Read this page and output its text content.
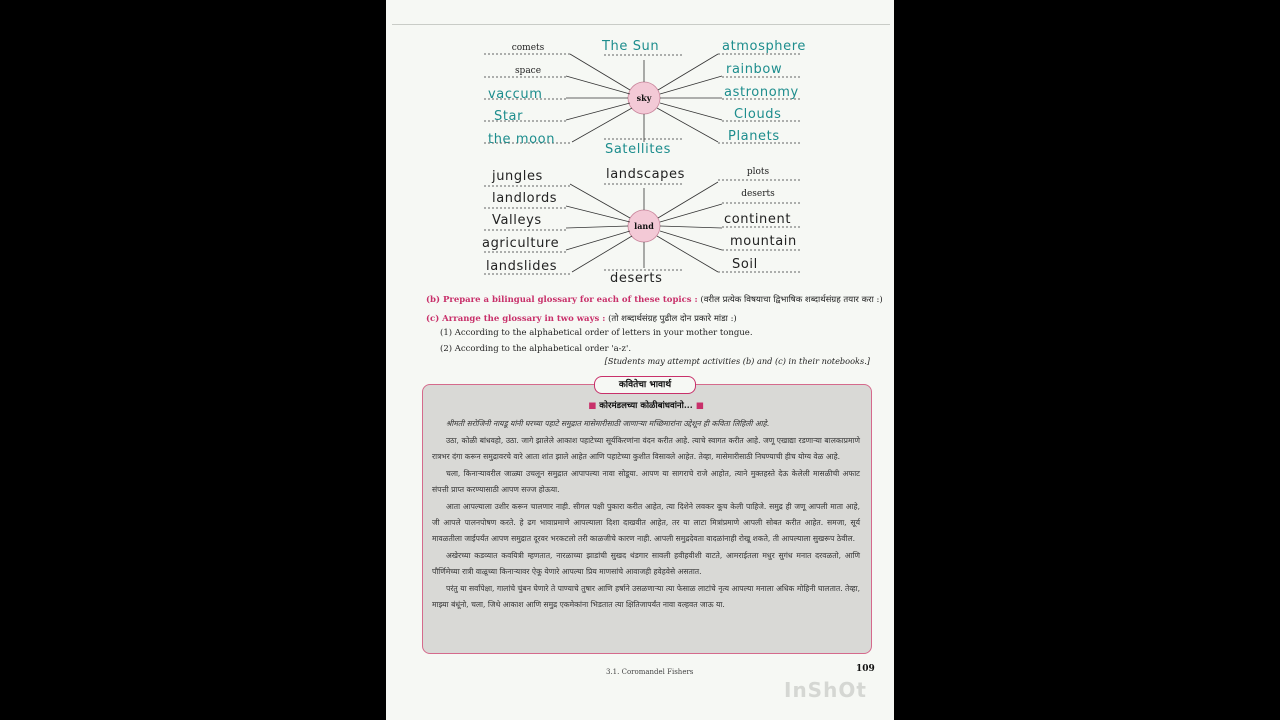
sky
comets
space
The Sun	atmosphere
vaccum
rainbow
Star
astronomy
the moon
Clouds
Planets
Satellites
land
plots
deserts
jungles	landscapes
landlords
Valleys	continent
agriculture	mountain
landslides	Soil
deserts
(b) Prepare a bilingual glossary for each of these topics : (वरील प्रत्येक विषयाचा द्विभाषिक शब्दार्थसंग्रह तयार करा :)
(c) Arrange the glossary in two ways : (तो शब्दार्थसंग्रह पुढील दोन प्रकारे मांडा :)
(1) According to the alphabetical order of letters in your mother tongue.
(2) According to the alphabetical order 'a-z'.
[Students may attempt activities (b) and (c) in their notebooks.]
कवितेचा भावार्थ
■ कोरमंडलच्या कोळीबांधवांनो... ■

श्रीमती सरोजिनी नायडू यांनी घरच्या पहाटे समुद्रात मासेमारीसाठी जाणाऱ्या मच्छिमारांना उद्देशून ही कविता लिहिली आहे.

उठा, कोळी बांधवहो, उठा. जागे झालेले आकाश पहाटेच्या सूर्यकिरणांना वंदन करीत आहे. त्याचे स्वागत करीत आहे. जणू एखाद्या रडणाऱ्या बालकाप्रमाणे रात्रभर दंगा करून समुद्रावरचे वारे आता शांत झाले आहेत आणि पहाटेच्या कुशीत विसावले आहेत. तेव्हा, मासेमारीसाठी निघण्याची हीच योग्य वेळ आहे.

चला, किनाऱ्यावरील जाळ्या उचलून समुद्रात आपापल्या नावा सोडूया. आपण या सागराचे राजे आहोत, त्याने मुक्तहस्ते देऊ केलेली मासळीची अफाट संपत्ती प्राप्त करण्यासाठी आपण सज्ज होऊया.

आता आपल्याला उशीर करून चालणार नाही. सीगल पक्षी पुकारा करीत आहेत, त्या दिशेने लवकर कूच केली पाहिजे. समुद्र ही जणू आपली माता आहे, जी आपले पालनपोषण करते. हे ढग भावाप्रमाणे आपल्याला दिशा दाखवीत आहेत, तर या लाटा मित्रांप्रमाणे आपली सोबत करीत आहेत. समजा, सूर्य मावळतीला जाईपर्यंत आपण समुद्रात दूरवर भरकटलो तरी काळजीचे कारण नाही. आपली समुद्रदेवता वादळांनाही रोखू शकते, ती आपल्याला सुखरूप ठेवील.

अखेरच्या कडव्यात कवयित्री म्हणतात, नारळाच्या झाडांची सुखद थंडगार सावली हवीहवीशी वाटते, आमराईतला मधुर सुगंध मनात दरवळतो, आणि पौर्णिमेच्या रात्री वाळूच्या किनाऱ्यावर ऐकू येणारे आपल्या प्रिय माणसांचे आवाजही हवेहवेसे असतात.

परंतु या सर्वांपेक्षा, गालांचे चुंबन घेणारे ते पाण्याचे तुषार आणि हर्षाने उसळणाऱ्या त्या फेसाळ लाटांचे नृत्य आपल्या मनाला अधिक मोहिनी घालतात. तेव्हा, माझ्या बंधूंनो, चला, जिथे आकाश आणि समुद्र एकमेकांना भिडतात त्या क्षितिजापर्यंत नावा वल्हवत जाऊ या.

3.1. Coromandel Fishers	109
InShOt
